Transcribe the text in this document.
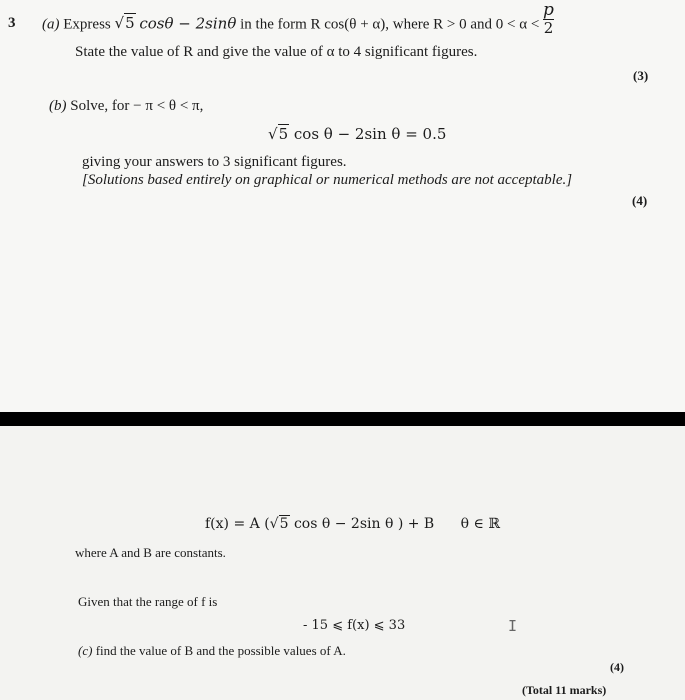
3 (a) Express √5 cosθ − 2sinθ in the form R cos(θ + α), where R > 0 and $0 < \alpha < \frac{p}{2}$
State the value of R and give the value of α to 4 significant figures.
(3)
(b) Solve, for − π < θ < π,
√5 cos θ − 2sin θ = 0.5
giving your answers to 3 significant figures.
[Solutions based entirely on graphical or numerical methods are not acceptable.]
(4)
f(x) = A (√5 cos θ − 2sin θ ) + B θ ∈ ℝ
where A and B are constants.
Given that the range of f is
- 15 ⩽ f(x) ⩽ 33	I
(c) find the value of B and the possible values of A.
(4)
(Total 11 marks)
